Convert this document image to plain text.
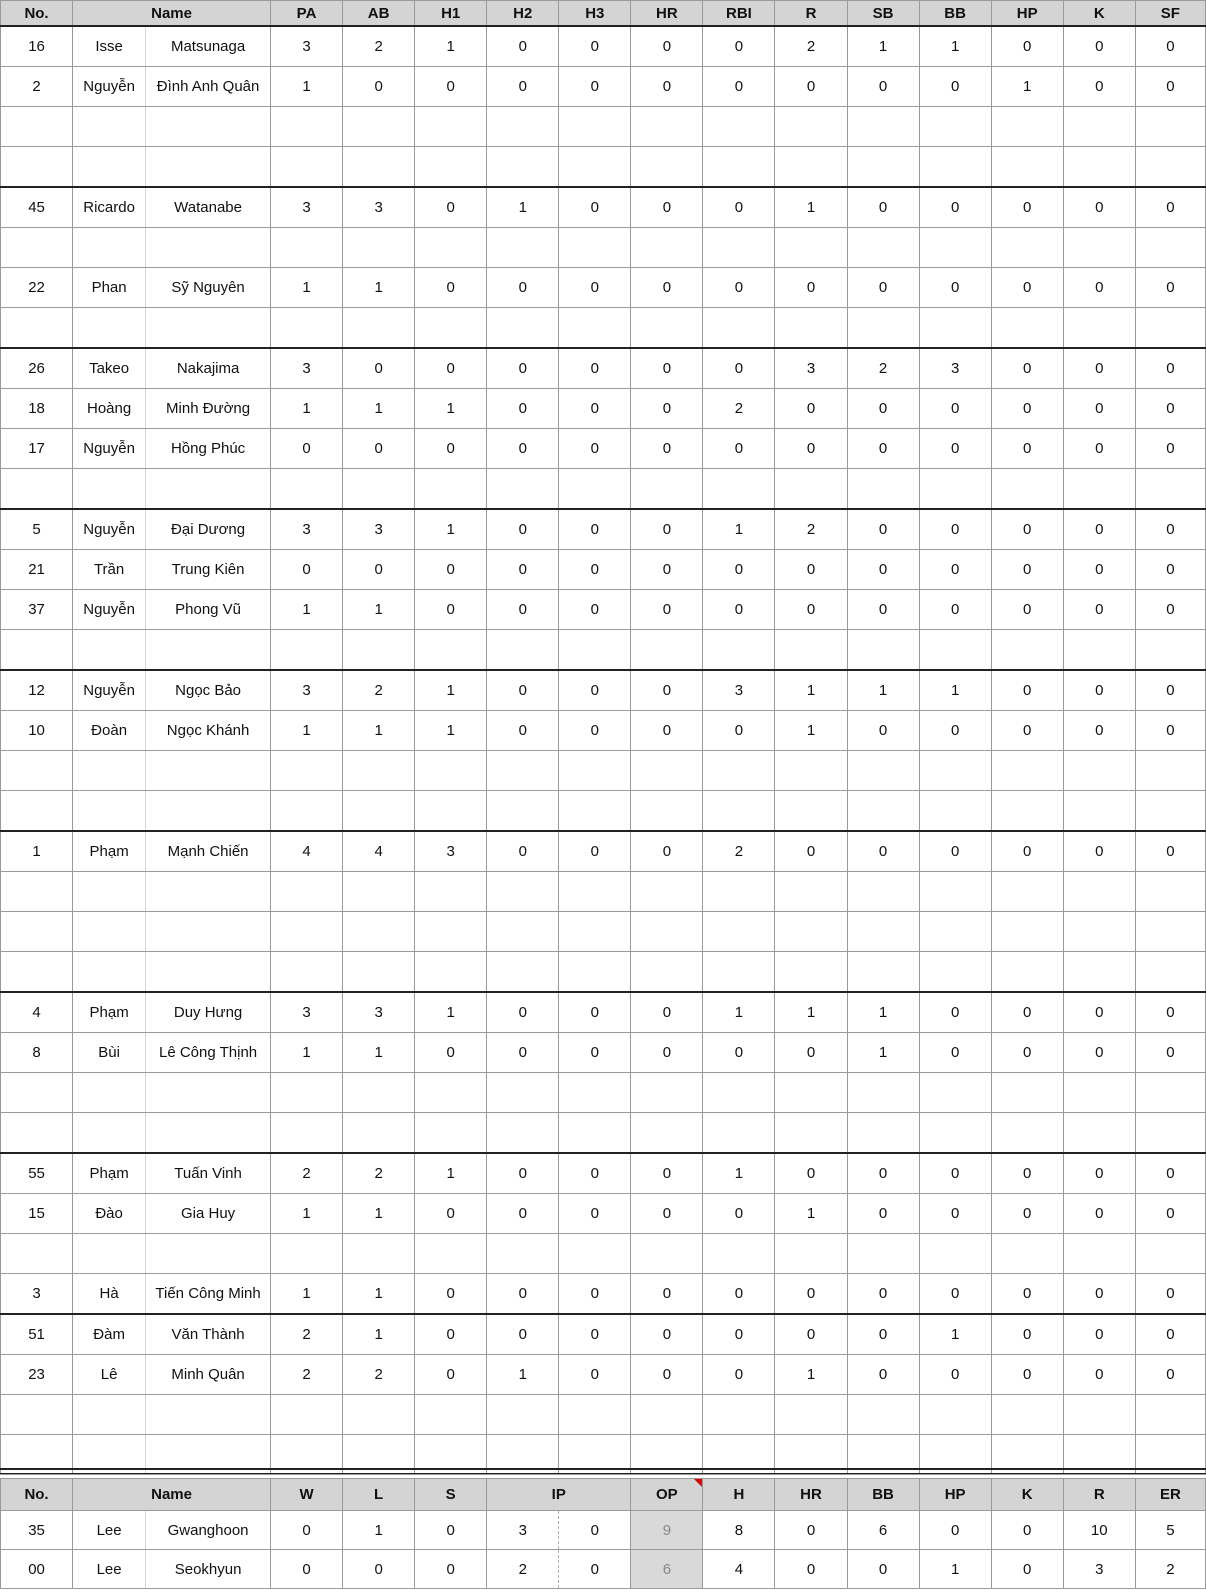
No.	Name		PA	AB	H1	H2	H3	HR	RBI	R	SB	BB	HP	K	SF
16	Isse	Matsunaga	3	2	1	0	0	0	0	2	1	1	0	0	0
2	Nguyễn	Đình Anh Quân	1	0	0	0	0	0	0	0	0	0	1	0	0

45	Ricardo	Watanabe	3	3	0	1	0	0	0	1	0	0	0	0	0

22	Phan	Sỹ Nguyên	1	1	0	0	0	0	0	0	0	0	0	0	0

26	Takeo	Nakajima	3	0	0	0	0	0	0	3	2	3	0	0	0
18	Hoàng	Minh Đường	1	1	1	0	0	0	2	0	0	0	0	0	0
17	Nguyễn	Hồng Phúc	0	0	0	0	0	0	0	0	0	0	0	0	0

5	Nguyễn	Đại Dương	3	3	1	0	0	0	1	2	0	0	0	0	0
21	Trần	Trung Kiên	0	0	0	0	0	0	0	0	0	0	0	0	0
37	Nguyễn	Phong Vũ	1	1	0	0	0	0	0	0	0	0	0	0	0

12	Nguyễn	Ngọc Bảo	3	2	1	0	0	0	3	1	1	1	0	0	0
10	Đoàn	Ngọc Khánh	1	1	1	0	0	0	0	1	0	0	0	0	0

1	Phạm	Mạnh Chiến	4	4	3	0	0	0	2	0	0	0	0	0	0

4	Phạm	Duy Hưng	3	3	1	0	0	0	1	1	1	0	0	0	0
8	Bùi	Lê Công Thịnh	1	1	0	0	0	0	0	0	1	0	0	0	0

55	Phạm	Tuấn Vinh	2	2	1	0	0	0	1	0	0	0	0	0	0
15	Đào	Gia Huy	1	1	0	0	0	0	0	1	0	0	0	0	0

3	Hà	Tiến Công Minh	1	1	0	0	0	0	0	0	0	0	0	0	0
51	Đàm	Văn Thành	2	1	0	0	0	0	0	0	0	1	0	0	0
23	Lê	Minh Quân	2	2	0	1	0	0	0	1	0	0	0	0	0

No.	Name		W	L	S	IP		OP	H	HR	BB	HP	K	R	ER
35	Lee	Gwanghoon	0	1	0	3	0	9	8	0	6	0	0	10	5
00	Lee	Seokhyun	0	0	0	2	0	6	4	0	0	1	0	3	2
